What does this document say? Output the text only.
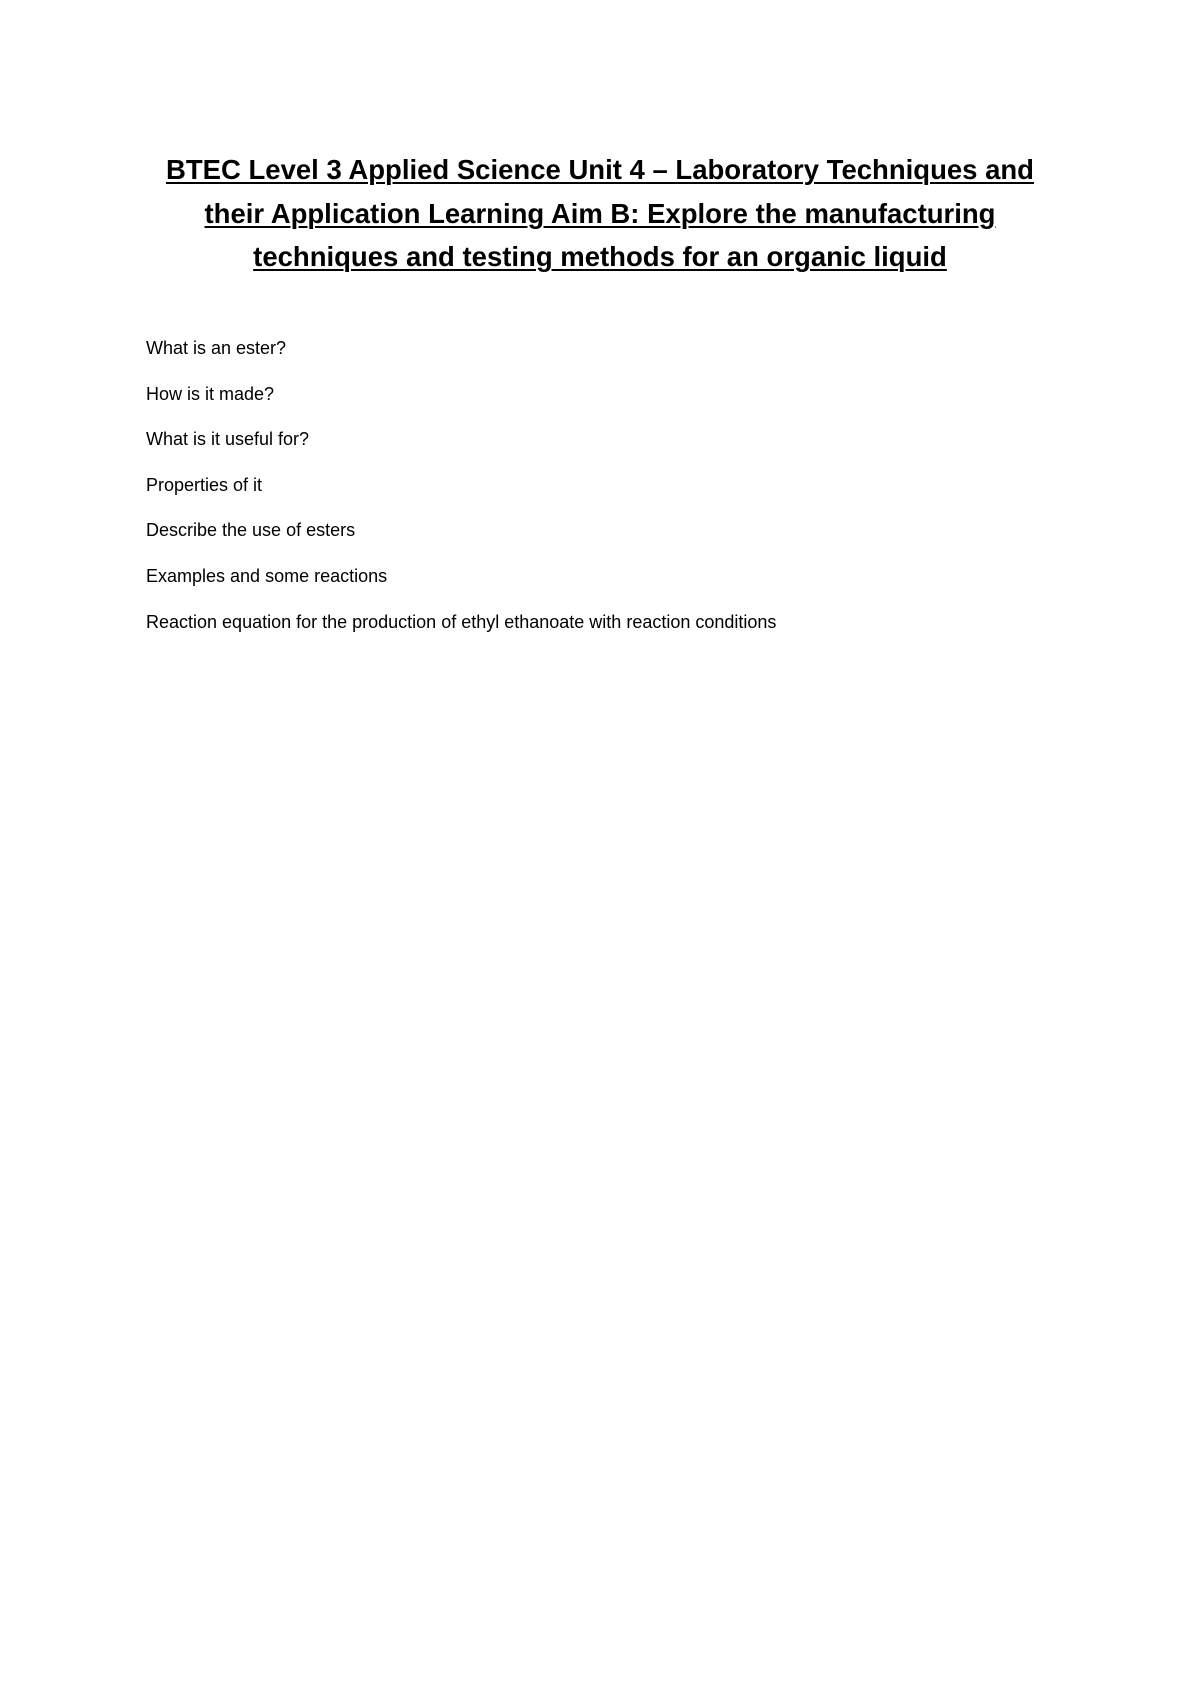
BTEC Level 3 Applied Science Unit 4 – Laboratory Techniques and their Application Learning Aim B: Explore the manufacturing techniques and testing methods for an organic liquid
What is an ester?
How is it made?
What is it useful for?
Properties of it
Describe the use of esters
Examples and some reactions
Reaction equation for the production of ethyl ethanoate with reaction conditions
